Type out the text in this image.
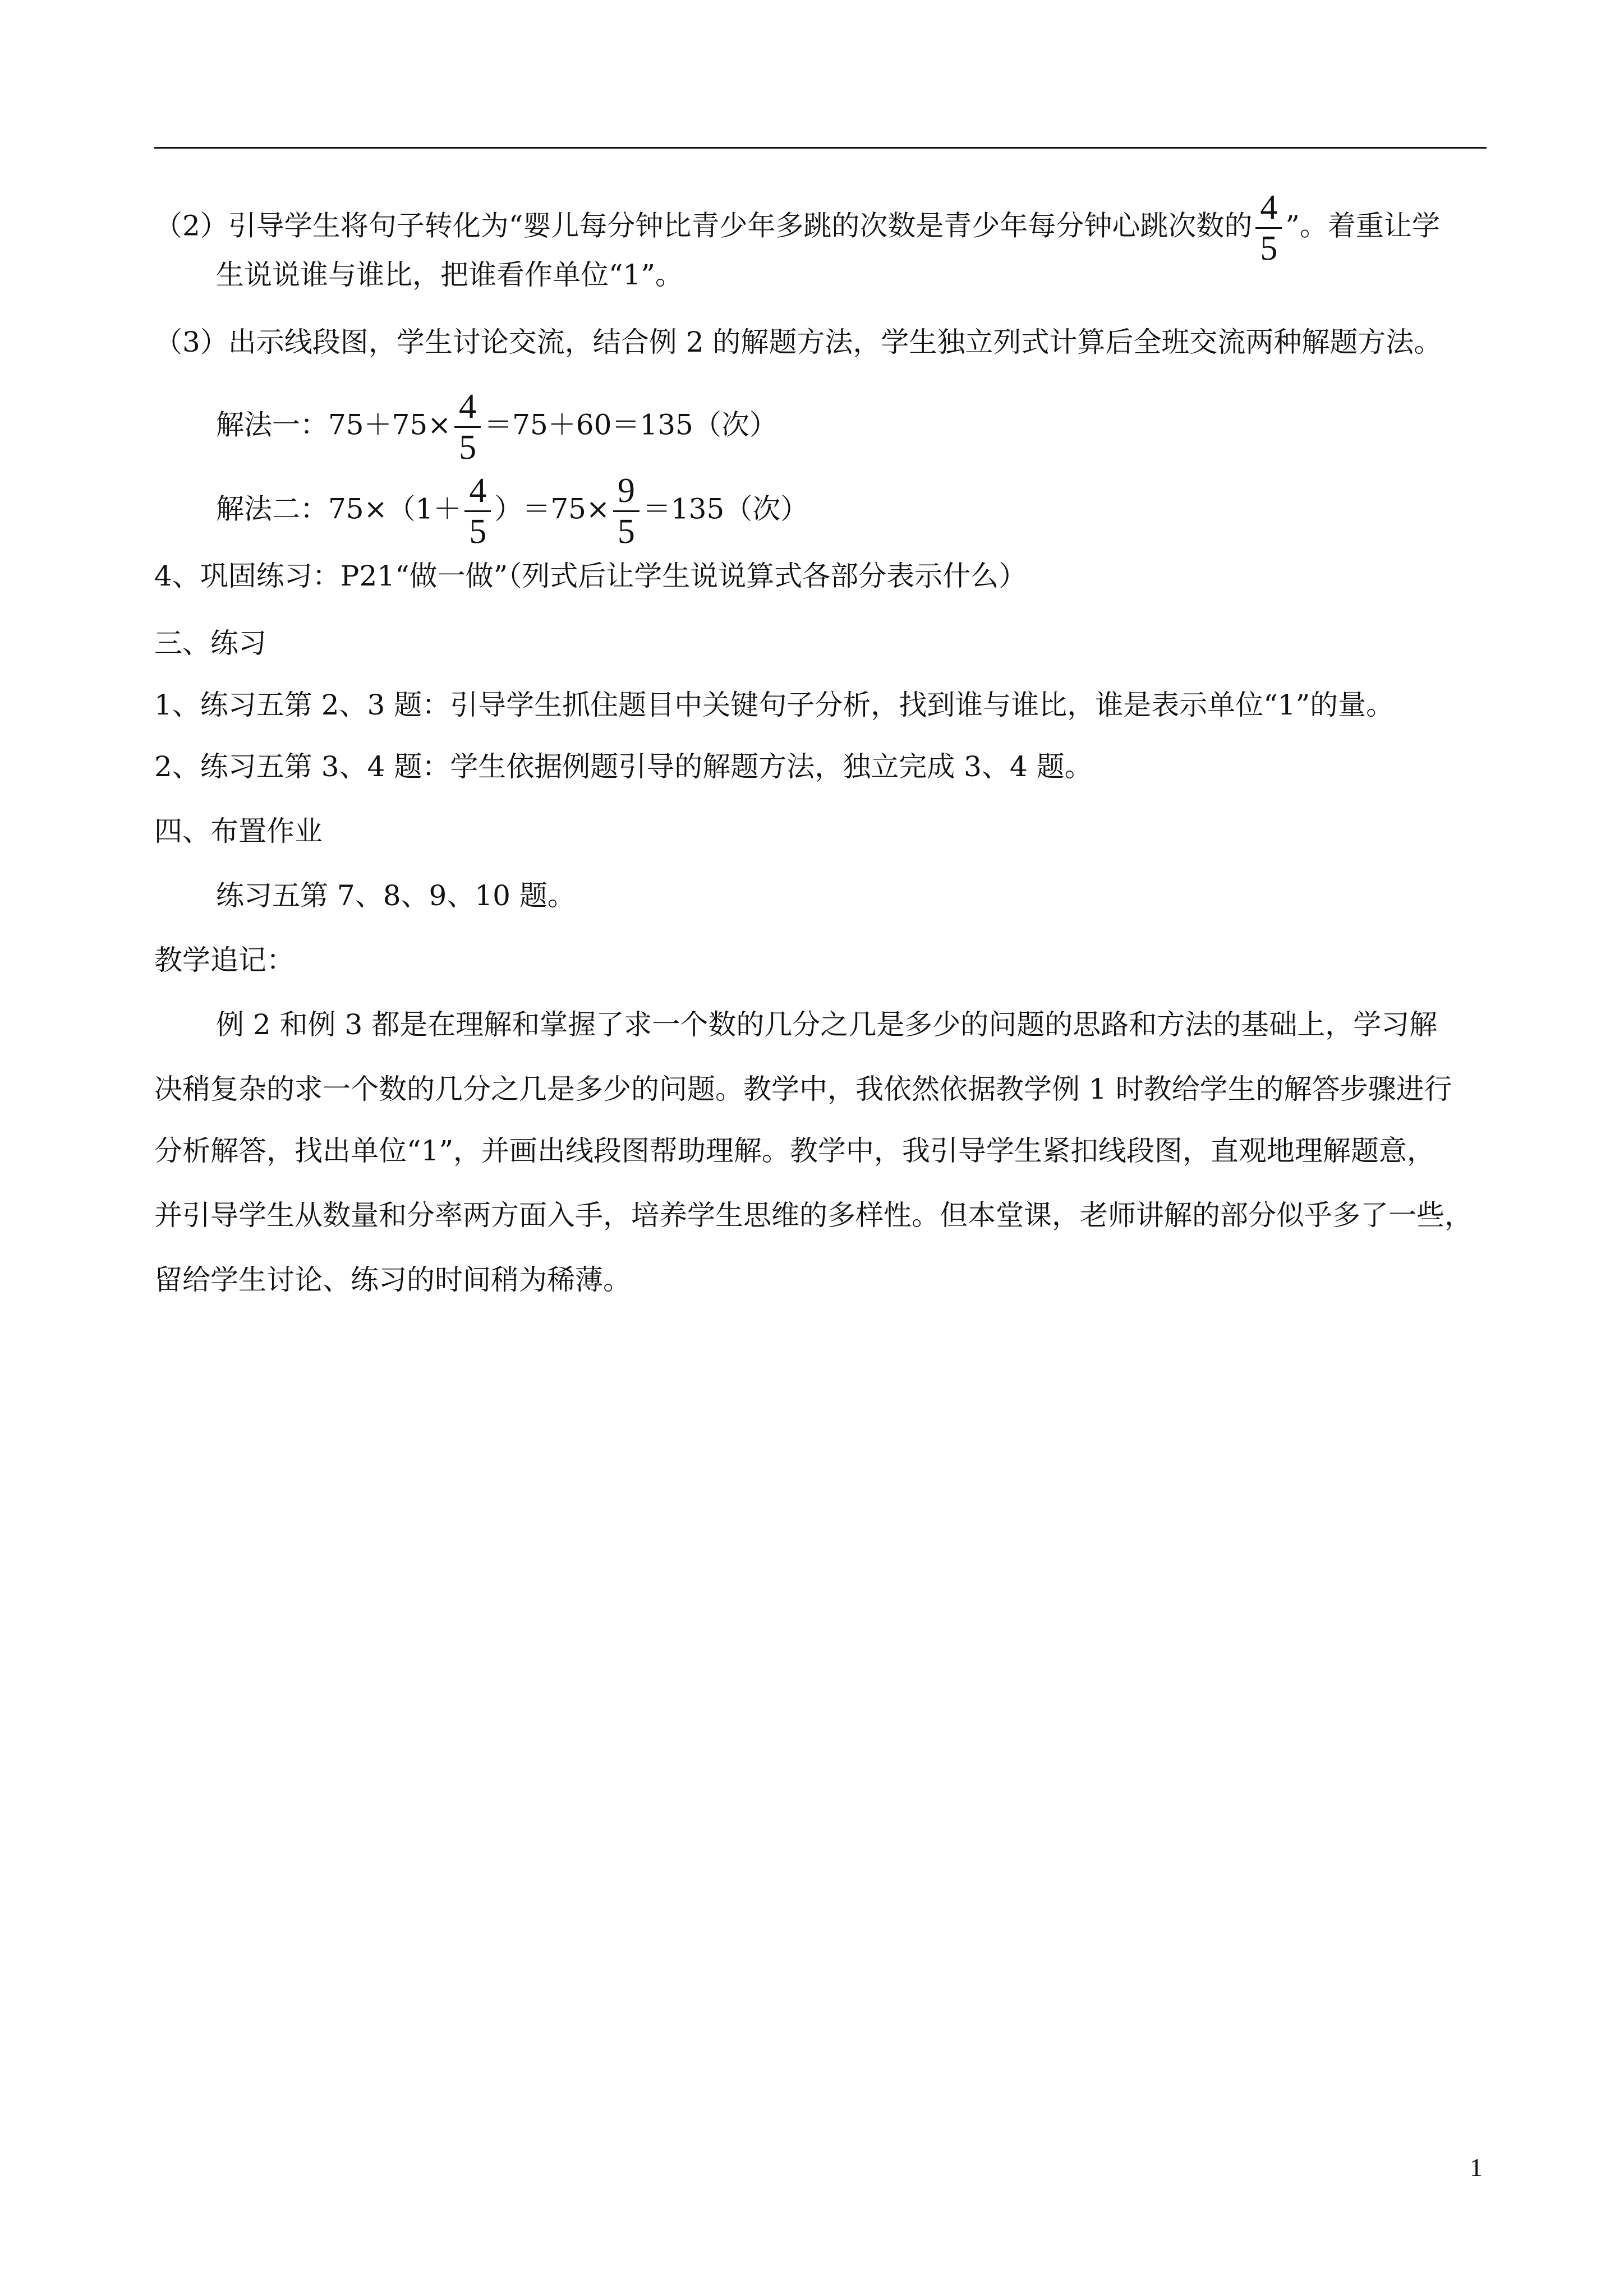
（2）引导学生将句子转化为“婴儿每分钟比青少年多跳的次数是青少年每分钟心跳次数的 $\frac{4}{5}$ ”。着重让学
生说说谁与谁比，把谁看作单位“1”。
（3）出示线段图，学生讨论交流，结合例 2 的解题方法，学生独立列式计算后全班交流两种解题方法。
解法一：$75+75\times \frac{4}{5} =75+60=135$（次）
解法二：$75\times(1+ \frac{4}{5} )=75\times \frac{9}{5} =135$（次）
4、巩固练习：P21“做一做”（列式后让学生说说算式各部分表示什么）
三、练习
1、练习五第 2、3 题：引导学生抓住题目中关键句子分析，找到谁与谁比，谁是表示单位“1”的量。
2、练习五第 3、4 题：学生依据例题引导的解题方法，独立完成 3、4 题。
四、布置作业
练习五第 7、8、9、10 题。
教学追记：
例 2 和例 3 都是在理解和掌握了求一个数的几分之几是多少的问题的思路和方法的基础上，学习解
决稍复杂的求一个数的几分之几是多少的问题。教学中，我依然依据教学例 1 时教给学生的解答步骤进行
分析解答，找出单位“1”，并画出线段图帮助理解。教学中，我引导学生紧扣线段图，直观地理解题意，
并引导学生从数量和分率两方面入手，培养学生思维的多样性。但本堂课，老师讲解的部分似乎多了一些，
留给学生讨论、练习的时间稍为稀薄。
1
